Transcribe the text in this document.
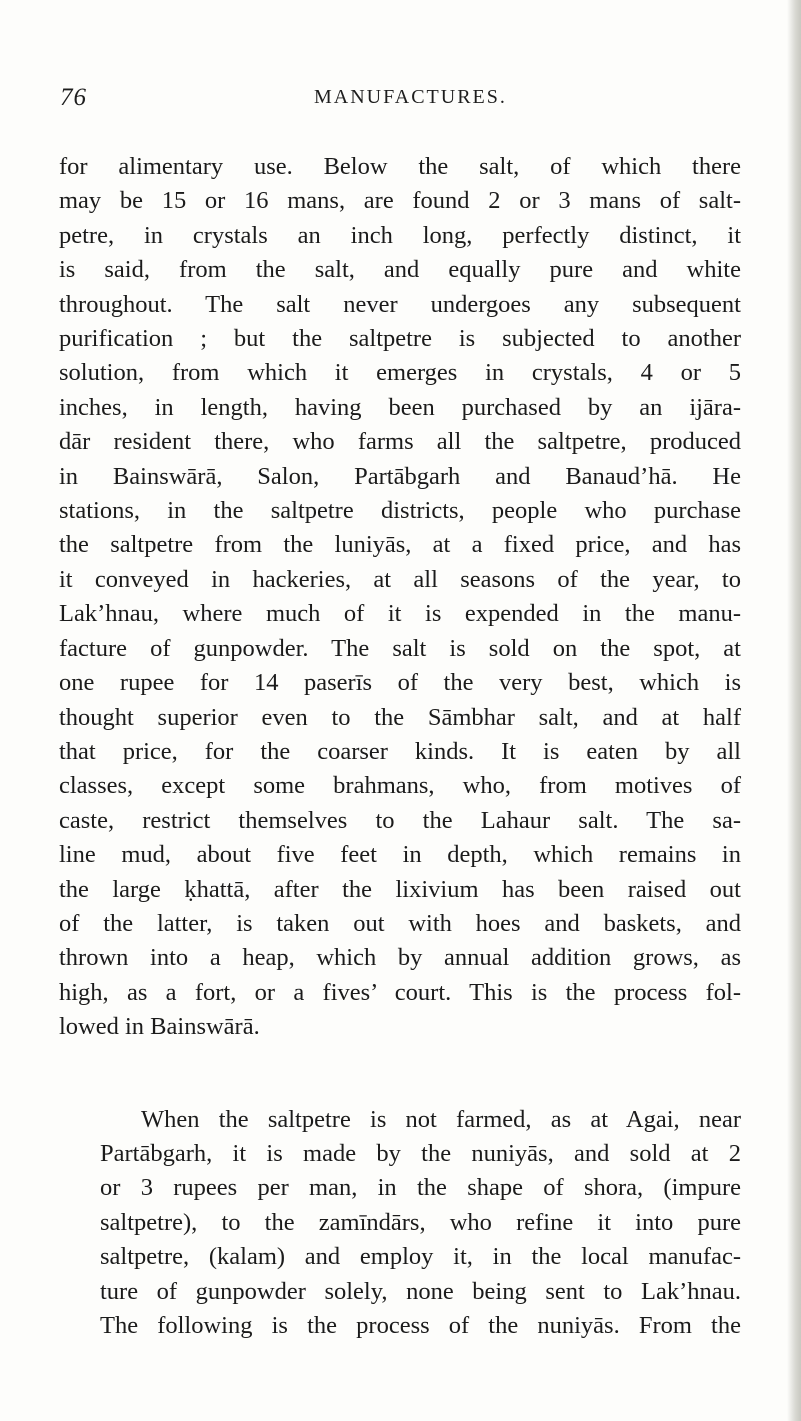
76	MANUFACTURES.
for alimentary use. Below the salt, of which there
may be 15 or 16 mans, are found 2 or 3 mans of salt-
petre, in crystals an inch long, perfectly distinct, it
is said, from the salt, and equally pure and white
throughout. The salt never undergoes any subsequent
purification ; but the saltpetre is subjected to another
solution, from which it emerges in crystals, 4 or 5
inches, in length, having been purchased by an ijāra-
dār resident there, who farms all the saltpetre, produced
in Bainswārā, Salon, Partābgarh and Banaudʼhā. He
stations, in the saltpetre districts, people who purchase
the saltpetre from the luniyās, at a fixed price, and has
it conveyed in hackeries, at all seasons of the year, to
Lakʼhnau, where much of it is expended in the manu-
facture of gunpowder. The salt is sold on the spot, at
one rupee for 14 paserīs of the very best, which is
thought superior even to the Sāmbhar salt, and at half
that price, for the coarser kinds. It is eaten by all
classes, except some brahmans, who, from motives of
caste, restrict themselves to the Lahaur salt. The sa-
line mud, about five feet in depth, which remains in
the large ḳhattā, after the lixivium has been raised out
of the latter, is taken out with hoes and baskets, and
thrown into a heap, which by annual addition grows, as
high, as a fort, or a fives’ court. This is the process fol-
lowed in Bainswārā.
When the saltpetre is not farmed, as at Agai, near
Partābgarh, it is made by the nuniyās, and sold at 2
or 3 rupees per man, in the shape of shora, (impure
saltpetre), to the zamīndārs, who refine it into pure
saltpetre, (kalam) and employ it, in the local manufac-
ture of gunpowder solely, none being sent to Lakʼhnau.
The following is the process of the nuniyās. From the
